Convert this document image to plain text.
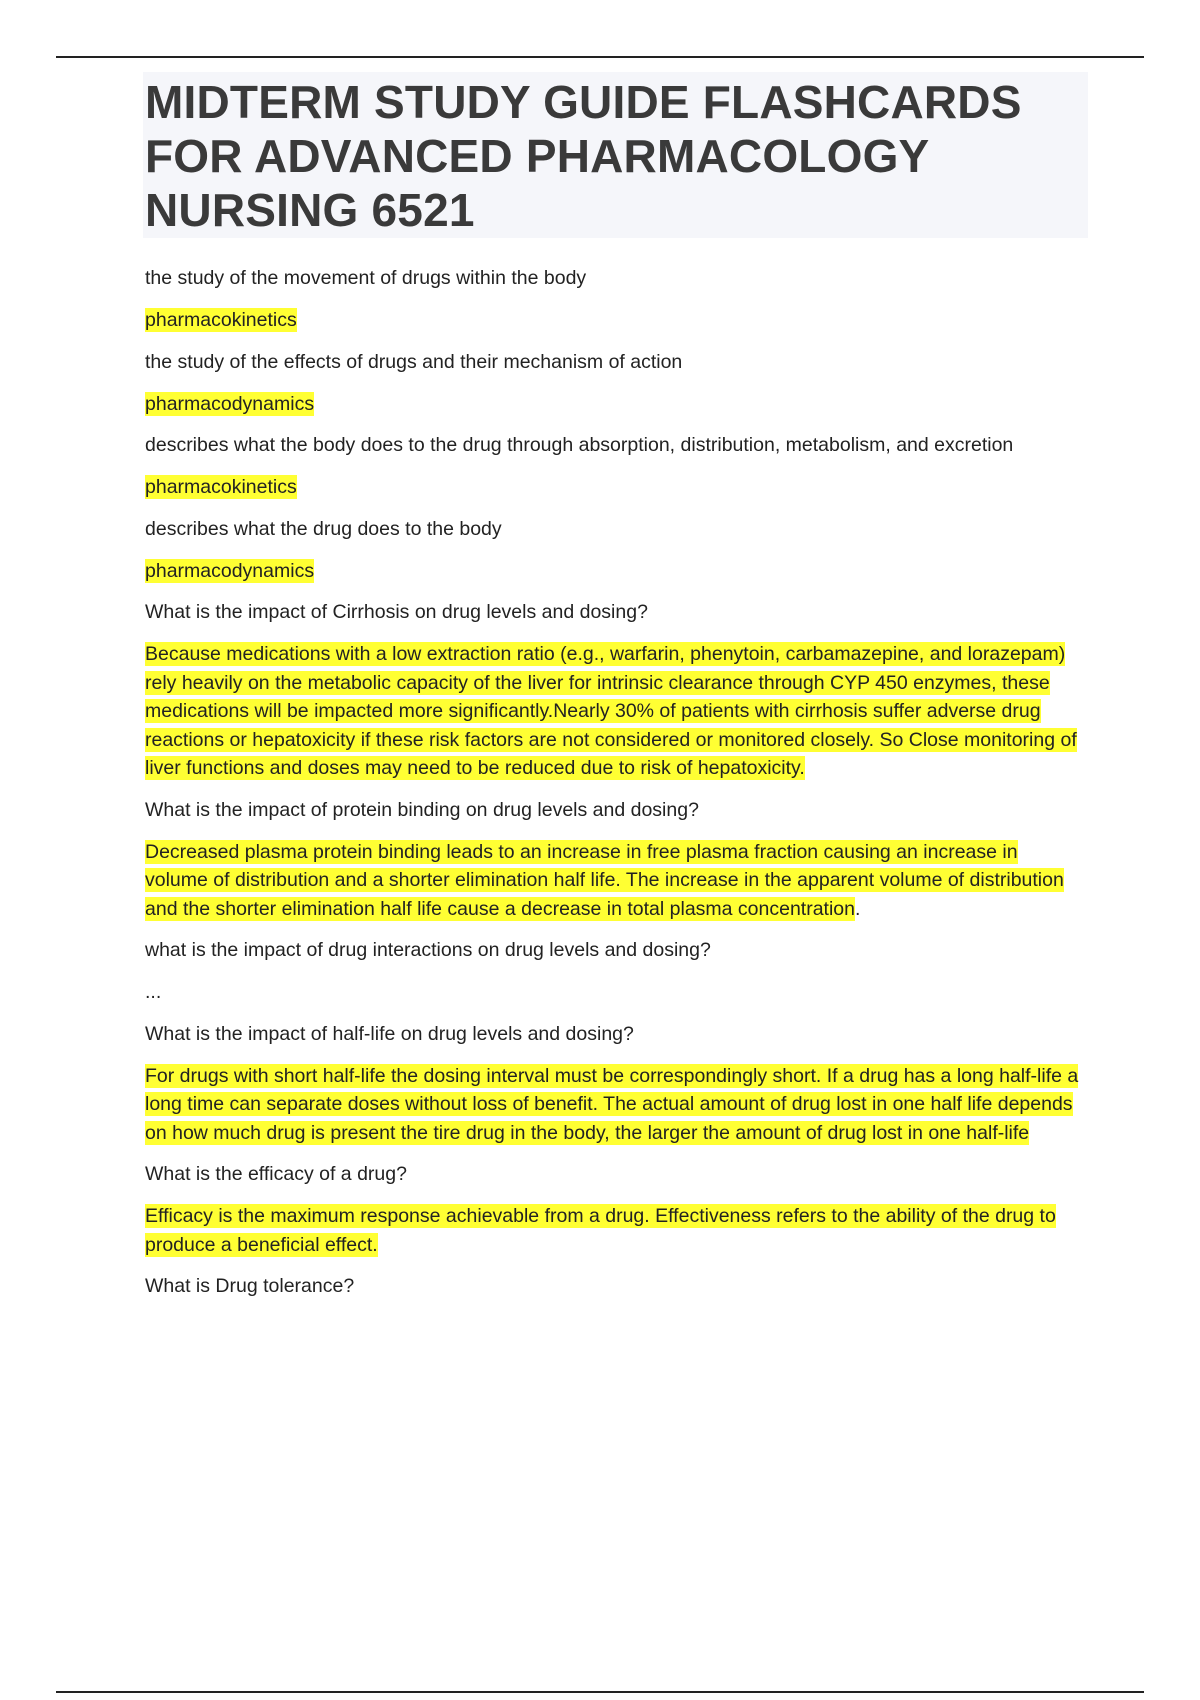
MIDTERM STUDY GUIDE FLASHCARDS FOR ADVANCED PHARMACOLOGY NURSING 6521

the study of the movement of drugs within the body

pharmacokinetics

the study of the effects of drugs and their mechanism of action

pharmacodynamics

describes what the body does to the drug through absorption, distribution, metabolism, and excretion

pharmacokinetics

describes what the drug does to the body

pharmacodynamics

What is the impact of Cirrhosis on drug levels and dosing?

Because medications with a low extraction ratio (e.g., warfarin, phenytoin, carbamazepine, and lorazepam) rely heavily on the metabolic capacity of the liver for intrinsic clearance through CYP 450 enzymes, these medications will be impacted more significantly.Nearly 30% of patients with cirrhosis suffer adverse drug reactions or hepatoxicity if these risk factors are not considered or monitored closely. So Close monitoring of liver functions and doses may need to be reduced due to risk of hepatoxicity.

What is the impact of protein binding on drug levels and dosing?

Decreased plasma protein binding leads to an increase in free plasma fraction causing an increase in volume of distribution and a shorter elimination half life. The increase in the apparent volume of distribution and the shorter elimination half life cause a decrease in total plasma concentration.

what is the impact of drug interactions on drug levels and dosing?

...

What is the impact of half-life on drug levels and dosing?

For drugs with short half-life the dosing interval must be correspondingly short. If a drug has a long half-life a long time can separate doses without loss of benefit. The actual amount of drug lost in one half life depends on how much drug is present the tire drug in the body, the larger the amount of drug lost in one half-life

What is the efficacy of a drug?

Efficacy is the maximum response achievable from a drug. Effectiveness refers to the ability of the drug to produce a beneficial effect.

What is Drug tolerance?
